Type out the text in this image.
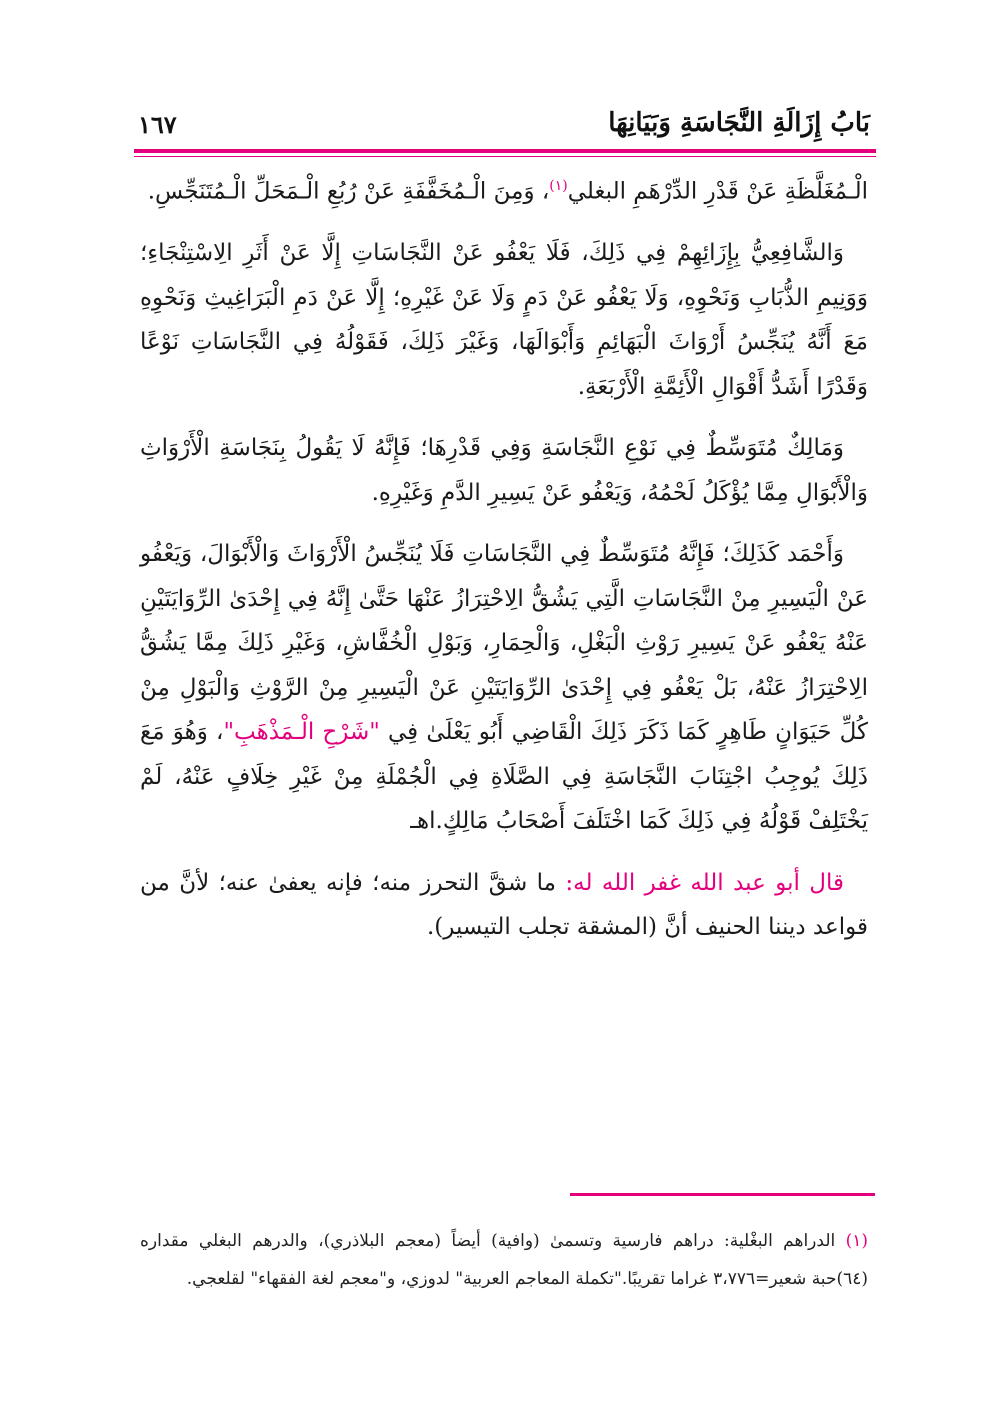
بَابُ إِزَالَةِ النَّجَاسَةِ وَبَيَانِهَا
١٦٧

الْـمُغَلَّظَةِ عَنْ قَدْرِ الدِّرْهَمِ البغلي$^{(١)}$، وَمِنَ الْـمُخَفَّفَةِ عَنْ رُبُعِ الْـمَحَلِّ الْـمُتَنَجِّسِ.

وَالشَّافِعِيُّ بِإِزَائِهِمْ فِي ذَلِكَ، فَلَا يَعْفُو عَنْ النَّجَاسَاتِ إِلَّا عَنْ أَثَرِ الِاسْتِنْجَاءِ؛ وَوَنِيمِ الذُّبَابِ وَنَحْوِهِ، وَلَا يَعْفُو عَنْ دَمٍ وَلَا عَنْ غَيْرِهِ؛ إِلَّا عَنْ دَمِ الْبَرَاغِيثِ وَنَحْوِهِ مَعَ أَنَّهُ يُنَجِّسُ أَرْوَاثَ الْبَهَائِمِ وَأَبْوَالَهَا، وَغَيْرَ ذَلِكَ، فَقَوْلُهُ فِي النَّجَاسَاتِ نَوْعًا وَقَدْرًا أَشَدُّ أَقْوَالِ الْأَئِمَّةِ الْأَرْبَعَةِ.

وَمَالِكٌ مُتَوَسِّطٌ فِي نَوْعِ النَّجَاسَةِ وَفِي قَدْرِهَا؛ فَإِنَّهُ لَا يَقُولُ بِنَجَاسَةِ الْأَرْوَاثِ وَالْأَبْوَالِ مِمَّا يُؤْكَلُ لَحْمُهُ، وَيَعْفُو عَنْ يَسِيرِ الدَّمِ وَغَيْرِهِ.

وَأَحْمَد كَذَلِكَ؛ فَإِنَّهُ مُتَوَسِّطٌ فِي النَّجَاسَاتِ فَلَا يُنَجِّسُ الْأَرْوَاثَ وَالْأَبْوَالَ، وَيَعْفُو عَنْ الْيَسِيرِ مِنْ النَّجَاسَاتِ الَّتِي يَشُقُّ الِاحْتِرَازُ عَنْهَا حَتَّىٰ إِنَّهُ فِي إِحْدَىٰ الرِّوَايَتَيْنِ عَنْهُ يَعْفُو عَنْ يَسِيرِ رَوْثِ الْبَغْلِ، وَالْحِمَارِ، وَبَوْلِ الْخُفَّاشِ، وَغَيْرِ ذَلِكَ مِمَّا يَشُقُّ الِاحْتِرَازُ عَنْهُ، بَلْ يَعْفُو فِي إِحْدَىٰ الرِّوَايَتَيْنِ عَنْ الْيَسِيرِ مِنْ الرَّوْثِ وَالْبَوْلِ مِنْ كُلِّ حَيَوَانٍ طَاهِرٍ كَمَا ذَكَرَ ذَلِكَ الْقَاضِي أَبُو يَعْلَىٰ فِي "شَرْحِ الْـمَذْهَبِ"، وَهُوَ مَعَ ذَلِكَ يُوجِبُ اجْتِنَابَ النَّجَاسَةِ فِي الصَّلَاةِ فِي الْجُمْلَةِ مِنْ غَيْرِ خِلَافٍ عَنْهُ، لَمْ يَخْتَلِفْ قَوْلُهُ فِي ذَلِكَ كَمَا اخْتَلَفَ أَصْحَابُ مَالِكٍ.اهـ

قال أبو عبد الله غفر الله له: ما شقَّ التحرز منه؛ فإنه يعفىٰ عنه؛ لأنَّ من قواعد ديننا الحنيف أنَّ (المشقة تجلب التيسير).

(١) الدراهم البغْلية: دراهم فارسية وتسمىٰ (وافية) أيضاً (معجم البلاذري)، والدرهم البغلي مقداره (٦٤)حبة شعير=٣،٧٧٦ غراما تقريبًا."تكملة المعاجم العربية" لدوزي، و"معجم لغة الفقهاء" لقلعجي.
